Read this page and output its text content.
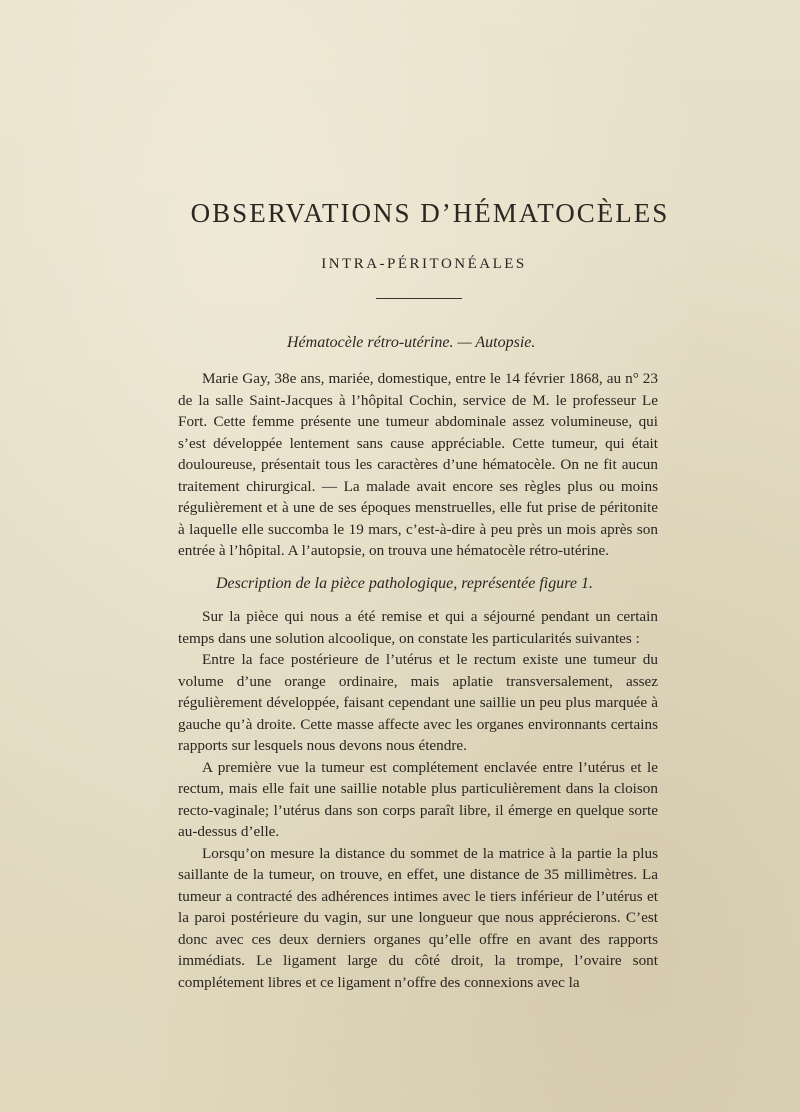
OBSERVATIONS D’HÉMATOCÈLES
INTRA-PÉRITONÉALES
Hématocèle rétro-utérine. — Autopsie.

Marie Gay, 38e ans, mariée, domestique, entre le 14 février 1868, au n° 23 de la salle Saint-Jacques à l’hôpital Cochin, service de M. le professeur Le Fort. Cette femme présente une tumeur abdominale assez volumineuse, qui s’est développée lentement sans cause appréciable. Cette tumeur, qui était douloureuse, présentait tous les caractères d’une hématocèle. On ne fit aucun traitement chirurgical. — La malade avait encore ses règles plus ou moins régulièrement et à une de ses époques menstruelles, elle fut prise de péritonite à laquelle elle succomba le 19 mars, c’est-à-dire à peu près un mois après son entrée à l’hôpital. A l’autopsie, on trouva une hématocèle rétro-utérine.

Description de la pièce pathologique, représentée figure 1.

Sur la pièce qui nous a été remise et qui a séjourné pendant un certain temps dans une solution alcoolique, on constate les particularités suivantes :

Entre la face postérieure de l’utérus et le rectum existe une tumeur du volume d’une orange ordinaire, mais aplatie transversalement, assez régulièrement développée, faisant cependant une saillie un peu plus marquée à gauche qu’à droite. Cette masse affecte avec les organes environnants certains rapports sur lesquels nous devons nous étendre.

A première vue la tumeur est complétement enclavée entre l’utérus et le rectum, mais elle fait une saillie notable plus particulièrement dans la cloison recto-vaginale; l’utérus dans son corps paraît libre, il émerge en quelque sorte au-dessus d’elle.

Lorsqu’on mesure la distance du sommet de la matrice à la partie la plus saillante de la tumeur, on trouve, en effet, une distance de 35 millimètres. La tumeur a contracté des adhérences intimes avec le tiers inférieur de l’utérus et la paroi postérieure du vagin, sur une longueur que nous apprécierons. C’est donc avec ces deux derniers organes qu’elle offre en avant des rapports immédiats. Le ligament large du côté droit, la trompe, l’ovaire sont complétement libres et ce ligament n’offre des connexions avec la
